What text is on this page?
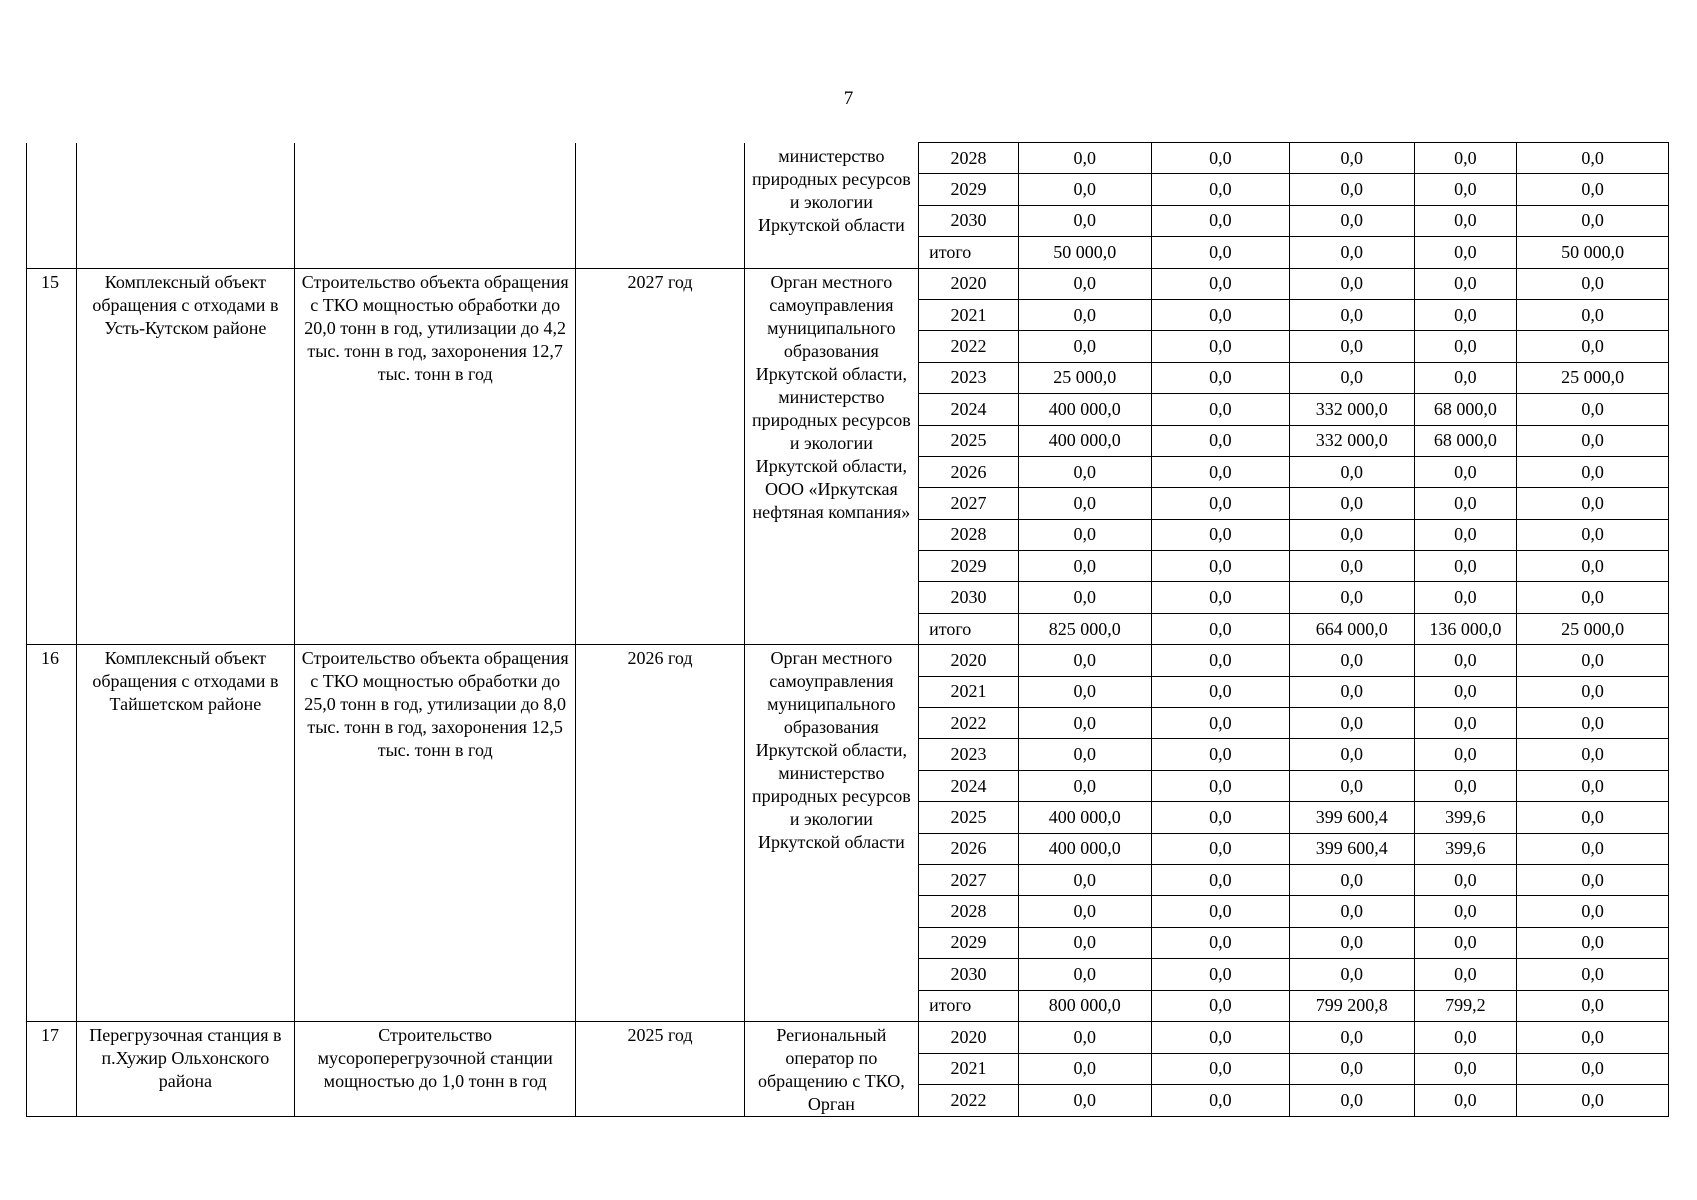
7
				министерство природных ресурсов и экологии Иркутской области	2028	0,0	0,0	0,0	0,0	0,0
					2029	0,0	0,0	0,0	0,0	0,0
					2030	0,0	0,0	0,0	0,0	0,0
					итого	50 000,0	0,0	0,0	0,0	50 000,0
15	Комплексный объект обращения с отходами в Усть-Кутском районе	Строительство объекта обращения с ТКО мощностью обработки до 20,0 тонн в год, утилизации до 4,2 тыс. тонн в год, захоронения 12,7 тыс. тонн в год	2027 год	Орган местного самоуправления муниципального образования Иркутской области, министерство природных ресурсов и экологии Иркутской области, ООО «Иркутская нефтяная компания»	2020	0,0	0,0	0,0	0,0	0,0
					2021	0,0	0,0	0,0	0,0	0,0
					2022	0,0	0,0	0,0	0,0	0,0
					2023	25 000,0	0,0	0,0	0,0	25 000,0
					2024	400 000,0	0,0	332 000,0	68 000,0	0,0
					2025	400 000,0	0,0	332 000,0	68 000,0	0,0
					2026	0,0	0,0	0,0	0,0	0,0
					2027	0,0	0,0	0,0	0,0	0,0
					2028	0,0	0,0	0,0	0,0	0,0
					2029	0,0	0,0	0,0	0,0	0,0
					2030	0,0	0,0	0,0	0,0	0,0
					итого	825 000,0	0,0	664 000,0	136 000,0	25 000,0
16	Комплексный объект обращения с отходами в Тайшетском районе	Строительство объекта обращения с ТКО мощностью обработки до 25,0 тонн в год, утилизации до 8,0 тыс. тонн в год, захоронения 12,5 тыс. тонн в год	2026 год	Орган местного самоуправления муниципального образования Иркутской области, министерство природных ресурсов и экологии Иркутской области	2020	0,0	0,0	0,0	0,0	0,0
					2021	0,0	0,0	0,0	0,0	0,0
					2022	0,0	0,0	0,0	0,0	0,0
					2023	0,0	0,0	0,0	0,0	0,0
					2024	0,0	0,0	0,0	0,0	0,0
					2025	400 000,0	0,0	399 600,4	399,6	0,0
					2026	400 000,0	0,0	399 600,4	399,6	0,0
					2027	0,0	0,0	0,0	0,0	0,0
					2028	0,0	0,0	0,0	0,0	0,0
					2029	0,0	0,0	0,0	0,0	0,0
					2030	0,0	0,0	0,0	0,0	0,0
					итого	800 000,0	0,0	799 200,8	799,2	0,0
17	Перегрузочная станция в п.Хужир Ольхонского района	Строительство мусороперегрузочной станции мощностью до 1,0 тонн в год	2025 год	Региональный оператор по обращению с ТКО, Орган	2020	0,0	0,0	0,0	0,0	0,0
					2021	0,0	0,0	0,0	0,0	0,0
					2022	0,0	0,0	0,0	0,0	0,0
